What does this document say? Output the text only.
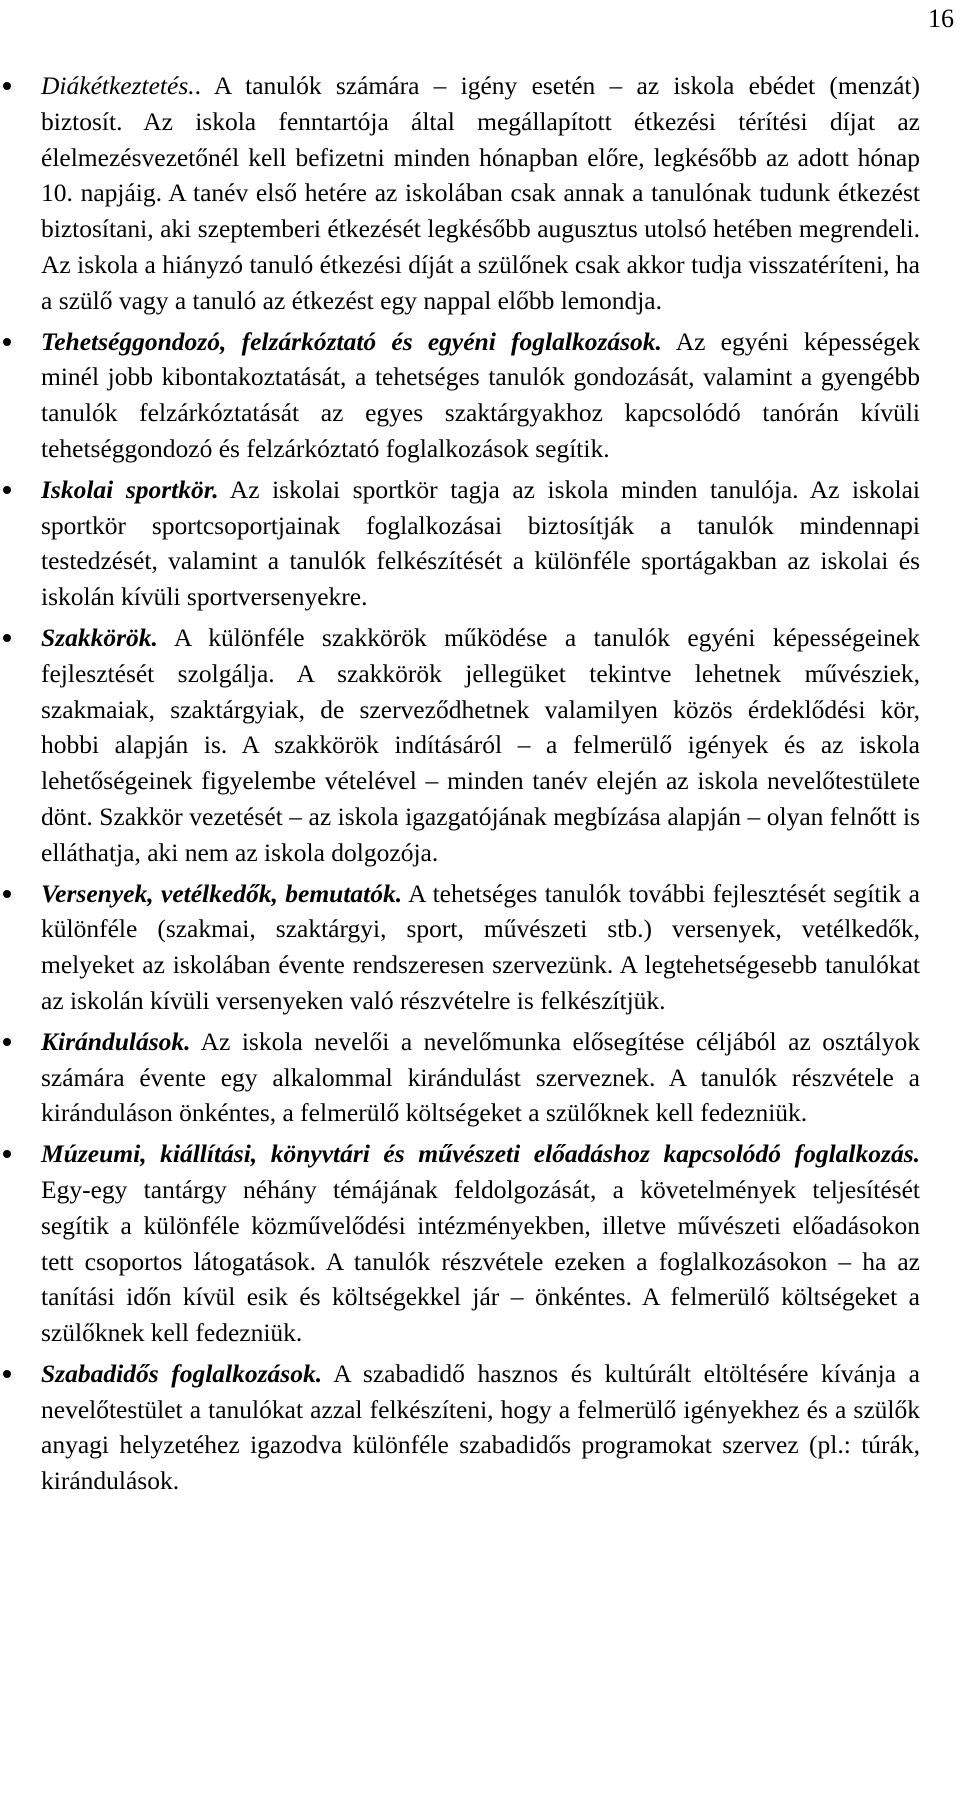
16
Diákétkeztetés.. A tanulók számára – igény esetén – az iskola ebédet (menzát) biztosít. Az iskola fenntartója által megállapított étkezési térítési díjat az élelmezésvezetőnél kell befizetni minden hónapban előre, legkésőbb az adott hónap 10. napjáig. A tanév első hetére az iskolában csak annak a tanulónak tudunk étkezést biztosítani, aki szeptemberi étkezését legkésőbb augusztus utolsó hetében megrendeli. Az iskola a hiányzó tanuló étkezési díját a szülőnek csak akkor tudja visszatéríteni, ha a szülő vagy a tanuló az étkezést egy nappal előbb lemondja.
Tehetséggondozó, felzárkóztató és egyéni foglalkozások. Az egyéni képességek minél jobb kibontakoztatását, a tehetséges tanulók gondozását, valamint a gyengébb tanulók felzárkóztatását az egyes szaktárgyakhoz kapcsolódó tanórán kívüli tehetséggondozó és felzárkóztató foglalkozások segítik.
Iskolai sportkör. Az iskolai sportkör tagja az iskola minden tanulója. Az iskolai sportkör sportcsoportjainak foglalkozásai biztosítják a tanulók mindennapi testedzését, valamint a tanulók felkészítését a különféle sportágakban az iskolai és iskolán kívüli sportversenyekre.
Szakkörök. A különféle szakkörök működése a tanulók egyéni képességeinek fejlesztését szolgálja. A szakkörök jellegüket tekintve lehetnek művésziek, szakmaiak, szaktárgyiak, de szerveződhetnek valamilyen közös érdeklődési kör, hobbi alapján is. A szakkörök indításáról – a felmerülő igények és az iskola lehetőségeinek figyelembe vételével – minden tanév elején az iskola nevelőtestülete dönt. Szakkör vezetését – az iskola igazgatójának megbízása alapján – olyan felnőtt is elláthatja, aki nem az iskola dolgozója.
Versenyek, vetélkedők, bemutatók. A tehetséges tanulók további fejlesztését segítik a különféle (szakmai, szaktárgyi, sport, művészeti stb.) versenyek, vetélkedők, melyeket az iskolában évente rendszeresen szervezünk. A legtehetségesebb tanulókat az iskolán kívüli versenyeken való részvételre is felkészítjük.
Kirándulások. Az iskola nevelői a nevelőmunka elősegítése céljából az osztályok számára évente egy alkalommal kirándulást szerveznek. A tanulók részvétele a kiránduláson önkéntes, a felmerülő költségeket a szülőknek kell fedezniük.
Múzeumi, kiállítási, könyvtári és művészeti előadáshoz kapcsolódó foglalkozás. Egy-egy tantárgy néhány témájának feldolgozását, a követelmények teljesítését segítik a különféle közművelődési intézményekben, illetve művészeti előadásokon tett csoportos látogatások. A tanulók részvétele ezeken a foglalkozásokon – ha az tanítási időn kívül esik és költségekkel jár – önkéntes. A felmerülő költségeket a szülőknek kell fedezniük.
Szabadidős foglalkozások. A szabadidő hasznos és kultúrált eltöltésére kívánja a nevelőtestület a tanulókat azzal felkészíteni, hogy a felmerülő igényekhez és a szülők anyagi helyzetéhez igazodva különféle szabadidős programokat szervez (pl.: túrák, kirándulások.
